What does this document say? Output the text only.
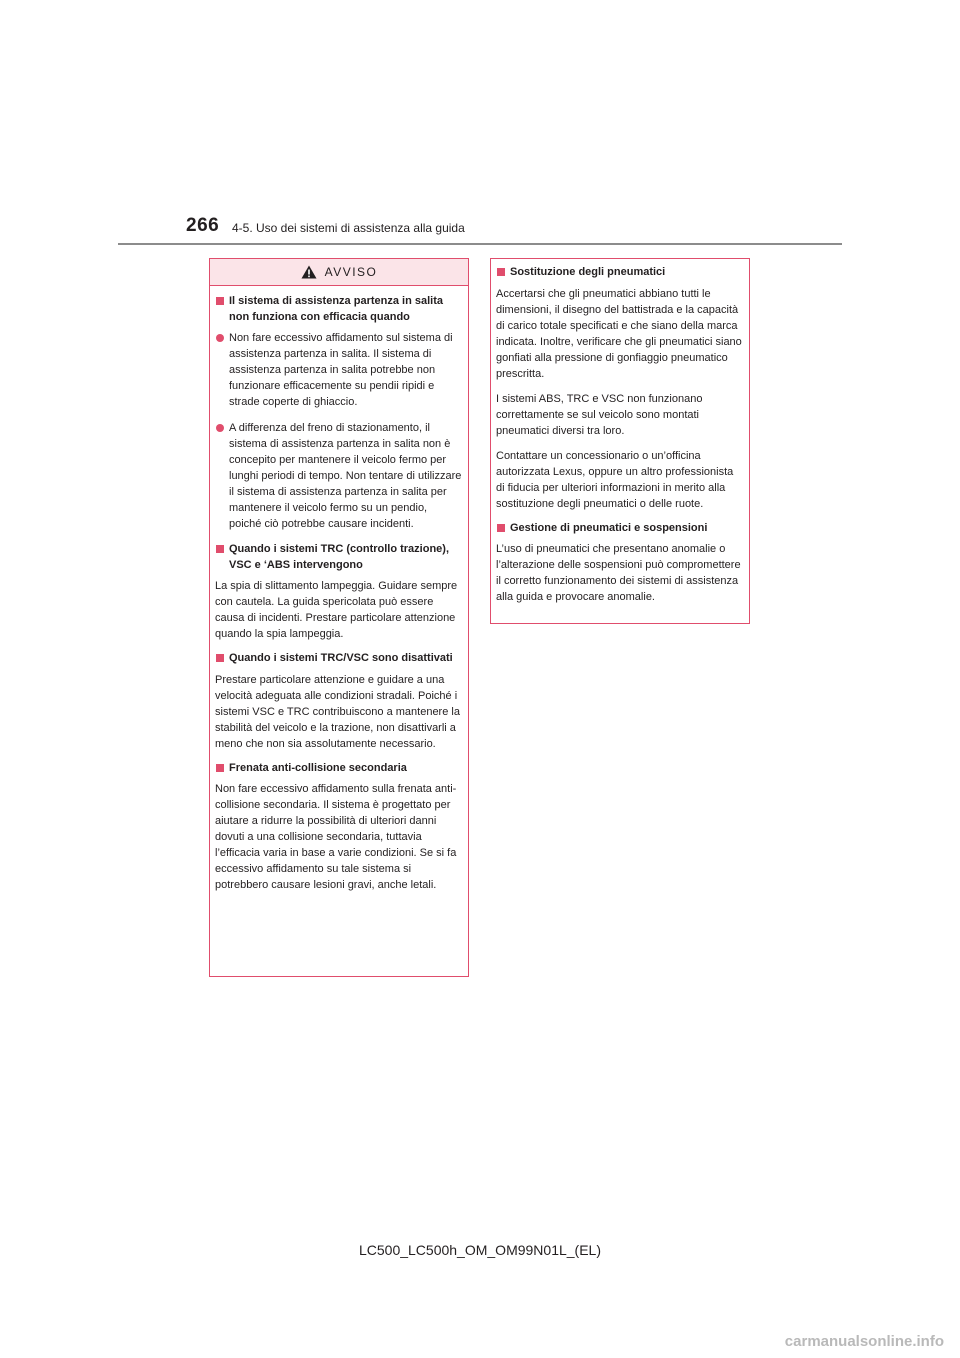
266 4-5. Uso dei sistemi di assistenza alla guida
AVVISO
Il sistema di assistenza partenza in salita non funziona con efficacia quando
Non fare eccessivo affidamento sul sistema di assistenza partenza in salita. Il sistema di assistenza partenza in salita potrebbe non funzionare efficacemente su pendii ripidi e strade coperte di ghiaccio.
A differenza del freno di stazionamento, il sistema di assistenza partenza in salita non è concepito per mantenere il veicolo fermo per lunghi periodi di tempo. Non tentare di utilizzare il sistema di assistenza partenza in salita per mantenere il veicolo fermo su un pendio, poiché ciò potrebbe causare incidenti.
Quando i sistemi TRC (controllo trazione), VSC e ‘ABS intervengono

La spia di slittamento lampeggia. Guidare sempre con cautela. La guida spericolata può essere causa di incidenti. Prestare particolare attenzione quando la spia lampeggia.

Quando i sistemi TRC/VSC sono disattivati

Prestare particolare attenzione e guidare a una velocità adeguata alle condizioni stradali. Poiché i sistemi VSC e TRC contribuiscono a mantenere la stabilità del veicolo e la trazione, non disattivarli a meno che non sia assolutamente necessario.

Frenata anti-collisione secondaria

Non fare eccessivo affidamento sulla frenata anti-collisione secondaria. Il sistema è progettato per aiutare a ridurre la possibilità di ulteriori danni dovuti a una collisione secondaria, tuttavia l’efficacia varia in base a varie condizioni. Se si fa eccessivo affidamento su tale sistema si potrebbero causare lesioni gravi, anche letali.

Sostituzione degli pneumatici

Accertarsi che gli pneumatici abbiano tutti le dimensioni, il disegno del battistrada e la capacità di carico totale specificati e che siano della marca indicata. Inoltre, verificare che gli pneumatici siano gonfiati alla pressione di gonfiaggio pneumatico prescritta.

I sistemi ABS, TRC e VSC non funzionano correttamente se sul veicolo sono montati pneumatici diversi tra loro.

Contattare un concessionario o un’officina autorizzata Lexus, oppure un altro professionista di fiducia per ulteriori informazioni in merito alla sostituzione degli pneumatici o delle ruote.

Gestione di pneumatici e sospensioni

L’uso di pneumatici che presentano anomalie o l’alterazione delle sospensioni può compromettere il corretto funzionamento dei sistemi di assistenza alla guida e provocare anomalie.

LC500_LC500h_OM_OM99N01L_(EL)
carmanualsonline.info
